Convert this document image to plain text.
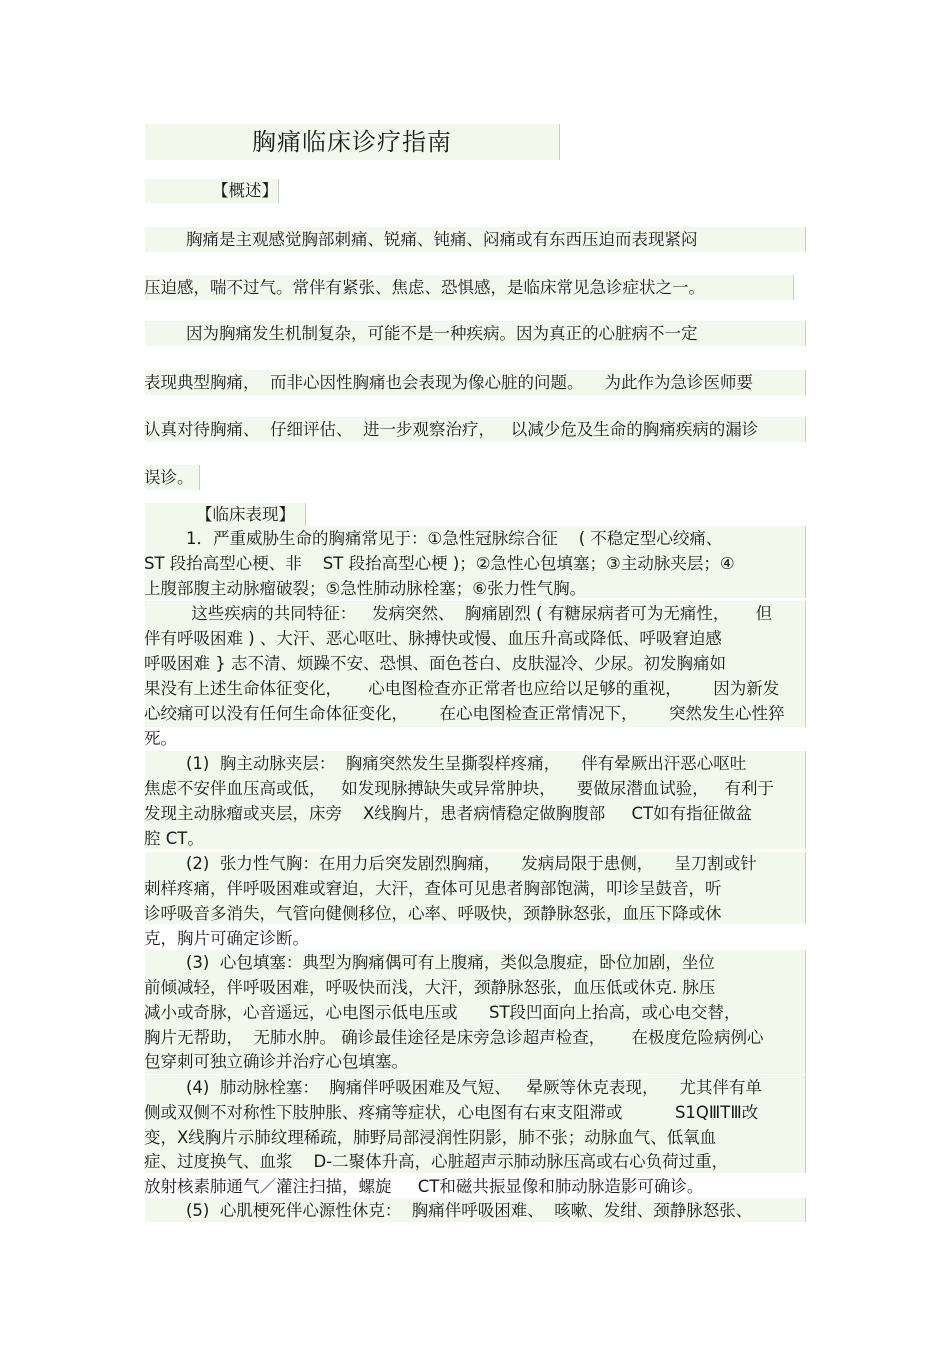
胸痛临床诊疗指南
【概述】
胸痛是主观感觉胸部刺痛、锐痛、钝痛、闷痛或有东西压迫而表现紧闷
压迫感，喘不过气。常伴有紧张、焦虑、恐惧感，是临床常见急诊症状之一。
因为胸痛发生机制复杂，可能不是一种疾病。因为真正的心脏病不一定
表现典型胸痛，  而非心因性胸痛也会表现为像心脏的问题。    为此作为急诊医师要
认真对待胸痛、  仔细评估、  进一步观察治疗，   以减少危及生命的胸痛疾病的漏诊
误诊。
【临床表现】
1．严重威胁生命的胸痛常见于：①急性冠脉综合征    ( 不稳定型心绞痛、
ST 段抬高型心梗、非    ST 段抬高型心梗 )；②急性心包填塞；③主动脉夹层；④
上腹部腹主动脉瘤破裂；⑤急性肺动脉栓塞；⑥张力性气胸。
这些疾病的共同特征：   发病突然、  胸痛剧烈 ( 有糖尿病者可为无痛性，     但
伴有呼吸困难 ) 、大汗、恶心呕吐、脉搏快或慢、血压升高或降低、呼吸窘迫感
呼吸困难 } 志不清、烦躁不安、恐惧、面色苍白、皮肤湿冷、少尿。初发胸痛如
果没有上述生命体征变化，     心电图检查亦正常者也应给以足够的重视，      因为新发
心绞痛可以没有任何生命体征变化，      在心电图检查正常情况下，      突然发生心性猝
死。
(1)  胸主动脉夹层：  胸痛突然发生呈撕裂样疼痛，    伴有晕厥出汗恶心呕吐
焦虑不安伴血压高或低，   如发现脉搏缺失或异常肿块，    要做尿潜血试验，   有利于
发现主动脉瘤或夹层，床旁    X线胸片，患者病情稳定做胸腹部     CT如有指征做盆
腔 CT。
(2)  张力性气胸：在用力后突发剧烈胸痛，    发病局限于患侧，    呈刀割或针
刺样疼痛，伴呼吸困难或窘迫，大汗，查体可见患者胸部饱满，叩诊呈鼓音，听
诊呼吸音多消失，气管向健侧移位，心率、呼吸快，颈静脉怒张，血压下降或休
克，胸片可确定诊断。
(3)  心包填塞：典型为胸痛偶可有上腹痛，类似急腹症，卧位加剧，坐位
前倾减轻，伴呼吸困难，呼吸快而浅，大汗，颈静脉怒张，血压低或休克. 脉压
减小或奇脉，心音遥远，心电图示低电压或      ST段凹面向上抬高，或心电交替，
胸片无帮助，  无肺水肿。 确诊最佳途径是床旁急诊超声检查，     在极度危险病例心
包穿刺可独立确诊并治疗心包填塞。
(4)  肺动脉栓塞：  胸痛伴呼吸困难及气短、   晕厥等休克表现，    尤其伴有单
侧或双侧不对称性下肢肿胀、疼痛等症状，心电图有右束支阻滞或          S1QⅢTⅢ改
变，X线胸片示肺纹理稀疏，肺野局部浸润性阴影，肺不张；动脉血气、低氧血
症、过度换气、血浆    D-二聚体升高，心脏超声示肺动脉压高或右心负荷过重，
放射核素肺通气／灌注扫描，螺旋     CT和磁共振显像和肺动脉造影可确诊。
(5)  心肌梗死伴心源性休克：  胸痛伴呼吸困难、  咳嗽、发绀、颈静脉怒张、
